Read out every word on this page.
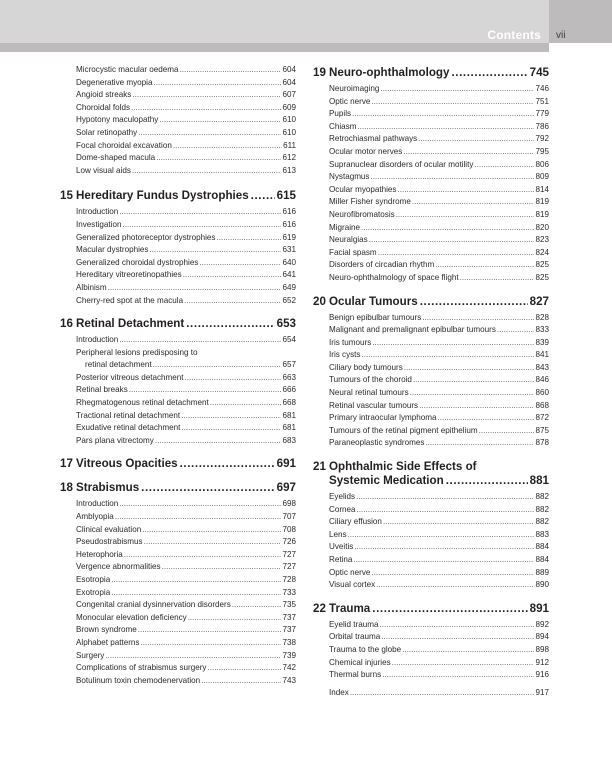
Contents vii
Microcystic macular oedema .....	604
Degenerative myopia .....	604
Angioid streaks .....	607
Choroidal folds .....	609
Hypotony maculopathy .....	610
Solar retinopathy .....	610
Focal choroidal excavation .....	611
Dome-shaped macula .....	612
Low visual aids .....	613
15 Hereditary Fundus Dystrophies ..... 615
Introduction .....	616
Investigation .....	616
Generalized photoreceptor dystrophies .....	619
Macular dystrophies .....	631
Generalized choroidal dystrophies .....	640
Hereditary vitreoretinopathies .....	641
Albinism .....	649
Cherry-red spot at the macula .....	652
16 Retinal Detachment .....	653
Introduction .....	654
Peripheral lesions predisposing to
retinal detachment .....	657
Posterior vitreous detachment .....	663
Retinal breaks .....	666
Rhegmatogenous retinal detachment .....	668
Tractional retinal detachment .....	681
Exudative retinal detachment .....	681
Pars plana vitrectomy .....	683
17 Vitreous Opacities .....	691
18 Strabismus .....	697
Introduction .....	698
Amblyopia .....	707
Clinical evaluation .....	708
Pseudostrabismus .....	726
Heterophoria .....	727
Vergence abnormalities .....	727
Esotropia .....	728
Exotropia .....	733
Congenital cranial dysinnervation disorders .....	735
Monocular elevation deficiency .....	737
Brown syndrome .....	737
Alphabet patterns .....	738
Surgery .....	739
Complications of strabismus surgery .....	742
Botulinum toxin chemodenervation .....	743
19 Neuro-ophthalmology .....	745
Neuroimaging .....	746
Optic nerve .....	751
Pupils .....	779
Chiasm .....	786
Retrochiasmal pathways .....	792
Ocular motor nerves .....	795
Supranuclear disorders of ocular motility .....	806
Nystagmus .....	809
Ocular myopathies .....	814
Miller Fisher syndrome .....	819
Neurofibromatosis .....	819
Migraine .....	820
Neuralgias .....	823
Facial spasm .....	824
Disorders of circadian rhythm .....	825
Neuro-ophthalmology of space flight .....	825
20 Ocular Tumours .....	827
Benign epibulbar tumours .....	828
Malignant and premalignant epibulbar tumours .....	833
Iris tumours .....	839
Iris cysts .....	841
Ciliary body tumours .....	843
Tumours of the choroid .....	846
Neural retinal tumours .....	860
Retinal vascular tumours .....	868
Primary intraocular lymphoma .....	872
Tumours of the retinal pigment epithelium .....	875
Paraneoplastic syndromes .....	878
21 Ophthalmic Side Effects of
Systemic Medication .....	881
Eyelids .....	882
Cornea .....	882
Ciliary effusion .....	882
Lens .....	883
Uveitis .....	884
Retina .....	884
Optic nerve .....	889
Visual cortex .....	890
22 Trauma .....	891
Eyelid trauma .....	892
Orbital trauma .....	894
Trauma to the globe .....	898
Chemical injuries .....	912
Thermal burns .....	916
Index .....	917
